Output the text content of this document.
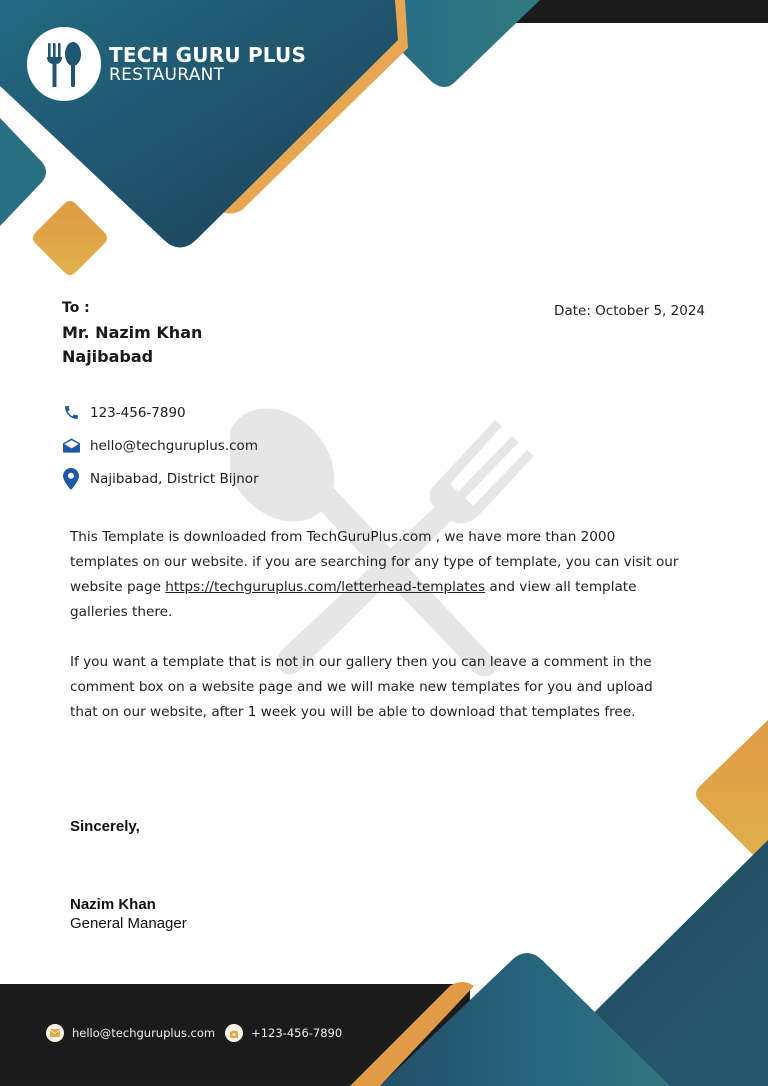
TECH GURU PLUS
RESTAURANT
To :
Mr. Nazim Khan
Najibabad
Date: October 5, 2024
123-456-7890
hello@techguruplus.com
Najibabad, District Bijnor

This Template is downloaded from TechGuruPlus.com , we have more than 2000 templates on our website. if you are searching for any type of template, you can visit our website page https://techguruplus.com/letterhead-templates and view all template galleries there.

If you want a template that is not in our gallery then you can leave a comment in the comment box on a website page and we will make new templates for you and upload that on our website, after 1 week you will be able to download that templates free.

Sincerely,
Nazim Khan
General Manager
hello@techguruplus.com	+123-456-7890
